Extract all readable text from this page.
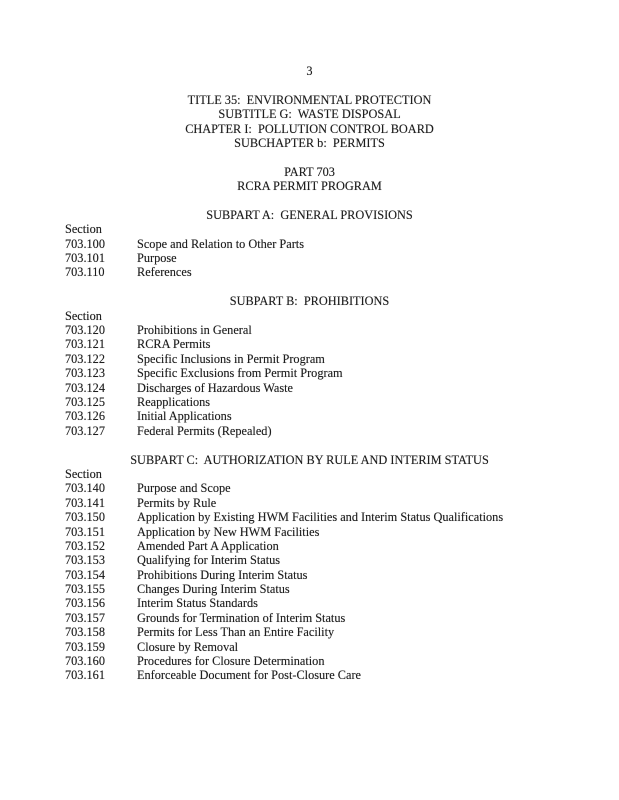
3
TITLE 35:  ENVIRONMENTAL PROTECTION
SUBTITLE G:  WASTE DISPOSAL
CHAPTER I:  POLLUTION CONTROL BOARD
SUBCHAPTER b:  PERMITS
PART 703
RCRA PERMIT PROGRAM
SUBPART A:  GENERAL PROVISIONS
Section
703.100	Scope and Relation to Other Parts
703.101	Purpose
703.110	References
SUBPART B:  PROHIBITIONS
Section
703.120	Prohibitions in General
703.121	RCRA Permits
703.122	Specific Inclusions in Permit Program
703.123	Specific Exclusions from Permit Program
703.124	Discharges of Hazardous Waste
703.125	Reapplications
703.126	Initial Applications
703.127	Federal Permits (Repealed)
SUBPART C:  AUTHORIZATION BY RULE AND INTERIM STATUS
Section
703.140	Purpose and Scope
703.141	Permits by Rule
703.150	Application by Existing HWM Facilities and Interim Status Qualifications
703.151	Application by New HWM Facilities
703.152	Amended Part A Application
703.153	Qualifying for Interim Status
703.154	Prohibitions During Interim Status
703.155	Changes During Interim Status
703.156	Interim Status Standards
703.157	Grounds for Termination of Interim Status
703.158	Permits for Less Than an Entire Facility
703.159	Closure by Removal
703.160	Procedures for Closure Determination
703.161	Enforceable Document for Post-Closure Care
